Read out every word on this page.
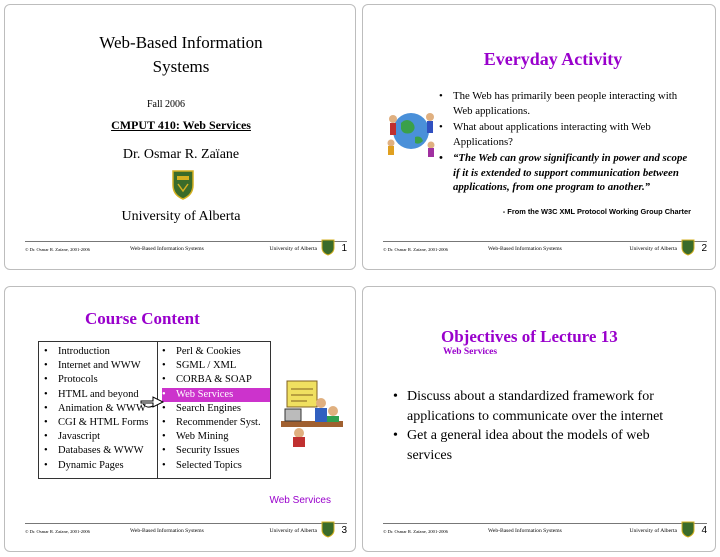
Web-Based Information
Systems
Fall 2006
CMPUT 410: Web Services
Dr. Osmar R. Zaïane
University of Alberta
© Dr. Osmar R. Zaïane, 2001-2006	Web-Based Information Systems	University of Alberta 1
Everyday Activity
• The Web has primarily been people interacting with Web applications.
• What about applications interacting with Web Applications?
• “The Web can grow significantly in power and scope if it is extended to support communication between applications, from one program to another.”
- From the W3C XML Protocol Working Group Charter
© Dr. Osmar R. Zaïane, 2001-2006	Web-Based Information Systems	University of Alberta 2
Course Content
• Introduction
• Internet and WWW
• Protocols
• HTML and beyond
• Animation & WWW
• CGI & HTML Forms
• Javascript
• Databases & WWW
• Dynamic Pages
• Perl & Cookies
• SGML / XML
• CORBA & SOAP
• Web Services
• Search Engines
• Recommender Syst.
• Web Mining
• Security Issues
• Selected Topics
Web Services
© Dr. Osmar R. Zaïane, 2001-2006	Web-Based Information Systems	University of Alberta 3
Objectives of Lecture 13
Web Services
• Discuss about a standardized framework for applications to communicate over the internet
• Get a general idea about the models of web services
© Dr. Osmar R. Zaïane, 2001-2006	Web-Based Information Systems	University of Alberta 4
